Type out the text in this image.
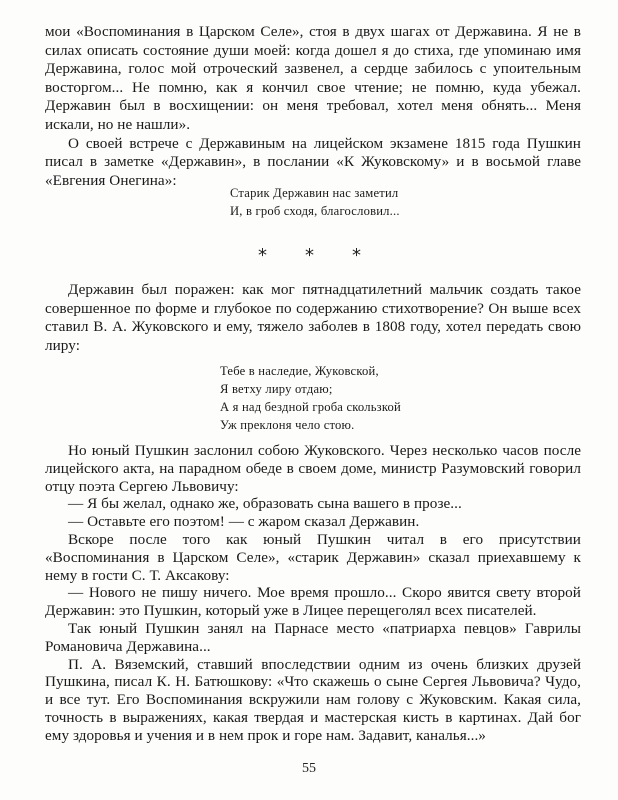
мои «Воспоминания в Царском Селе», стоя в двух шагах от Державина. Я не в силах описать состояние души моей: когда дошел я до стиха, где упоминаю имя Державина, голос мой отроческий зазвенел, а сердце забилось с упоительным восторгом... Не помню, как я кончил свое чтение; не помню, куда убежал. Державин был в восхищении: он меня требовал, хотел меня обнять... Меня искали, но не нашли».

О своей встрече с Державиным на лицейском экзамене 1815 года Пушкин писал в заметке «Державин», в послании «К Жуковскому» и в восьмой главе «Евгения Онегина»:

Старик Державин нас заметил
И, в гроб сходя, благословил...
* * *

Державин был поражен: как мог пятнадцатилетний мальчик создать такое совершенное по форме и глубокое по содержанию стихотворение? Он выше всех ставил В. А. Жуковского и ему, тяжело заболев в 1808 году, хотел передать свою лиру:

Тебе в наследие, Жуковской,
Я ветху лиру отдаю;
А я над бездной гроба скользкой
Уж преклоня чело стою.

Но юный Пушкин заслонил собою Жуковского. Через несколько часов после лицейского акта, на парадном обеде в своем доме, министр Разумовский говорил отцу поэта Сергею Львовичу:

— Я бы желал, однако же, образовать сына вашего в прозе...

— Оставьте его поэтом! — с жаром сказал Державин.

Вскоре после того как юный Пушкин читал в его присутствии «Воспоминания в Царском Селе», «старик Державин» сказал приехавшему к нему в гости С. Т. Аксакову:

— Нового не пишу ничего. Мое время прошло... Скоро явится свету второй Державин: это Пушкин, который уже в Лицее перещеголял всех писателей.

Так юный Пушкин занял на Парнасе место «патриарха певцов» Гаврилы Романовича Державина...

П. А. Вяземский, ставший впоследствии одним из очень близких друзей Пушкина, писал К. Н. Батюшкову: «Что скажешь о сыне Сергея Львовича? Чудо, и все тут. Его Воспоминания вскружили нам голову с Жуковским. Какая сила, точность в выражениях, какая твердая и мастерская кисть в картинах. Дай бог ему здоровья и учения и в нем прок и горе нам. Задавит, каналья...»

55
